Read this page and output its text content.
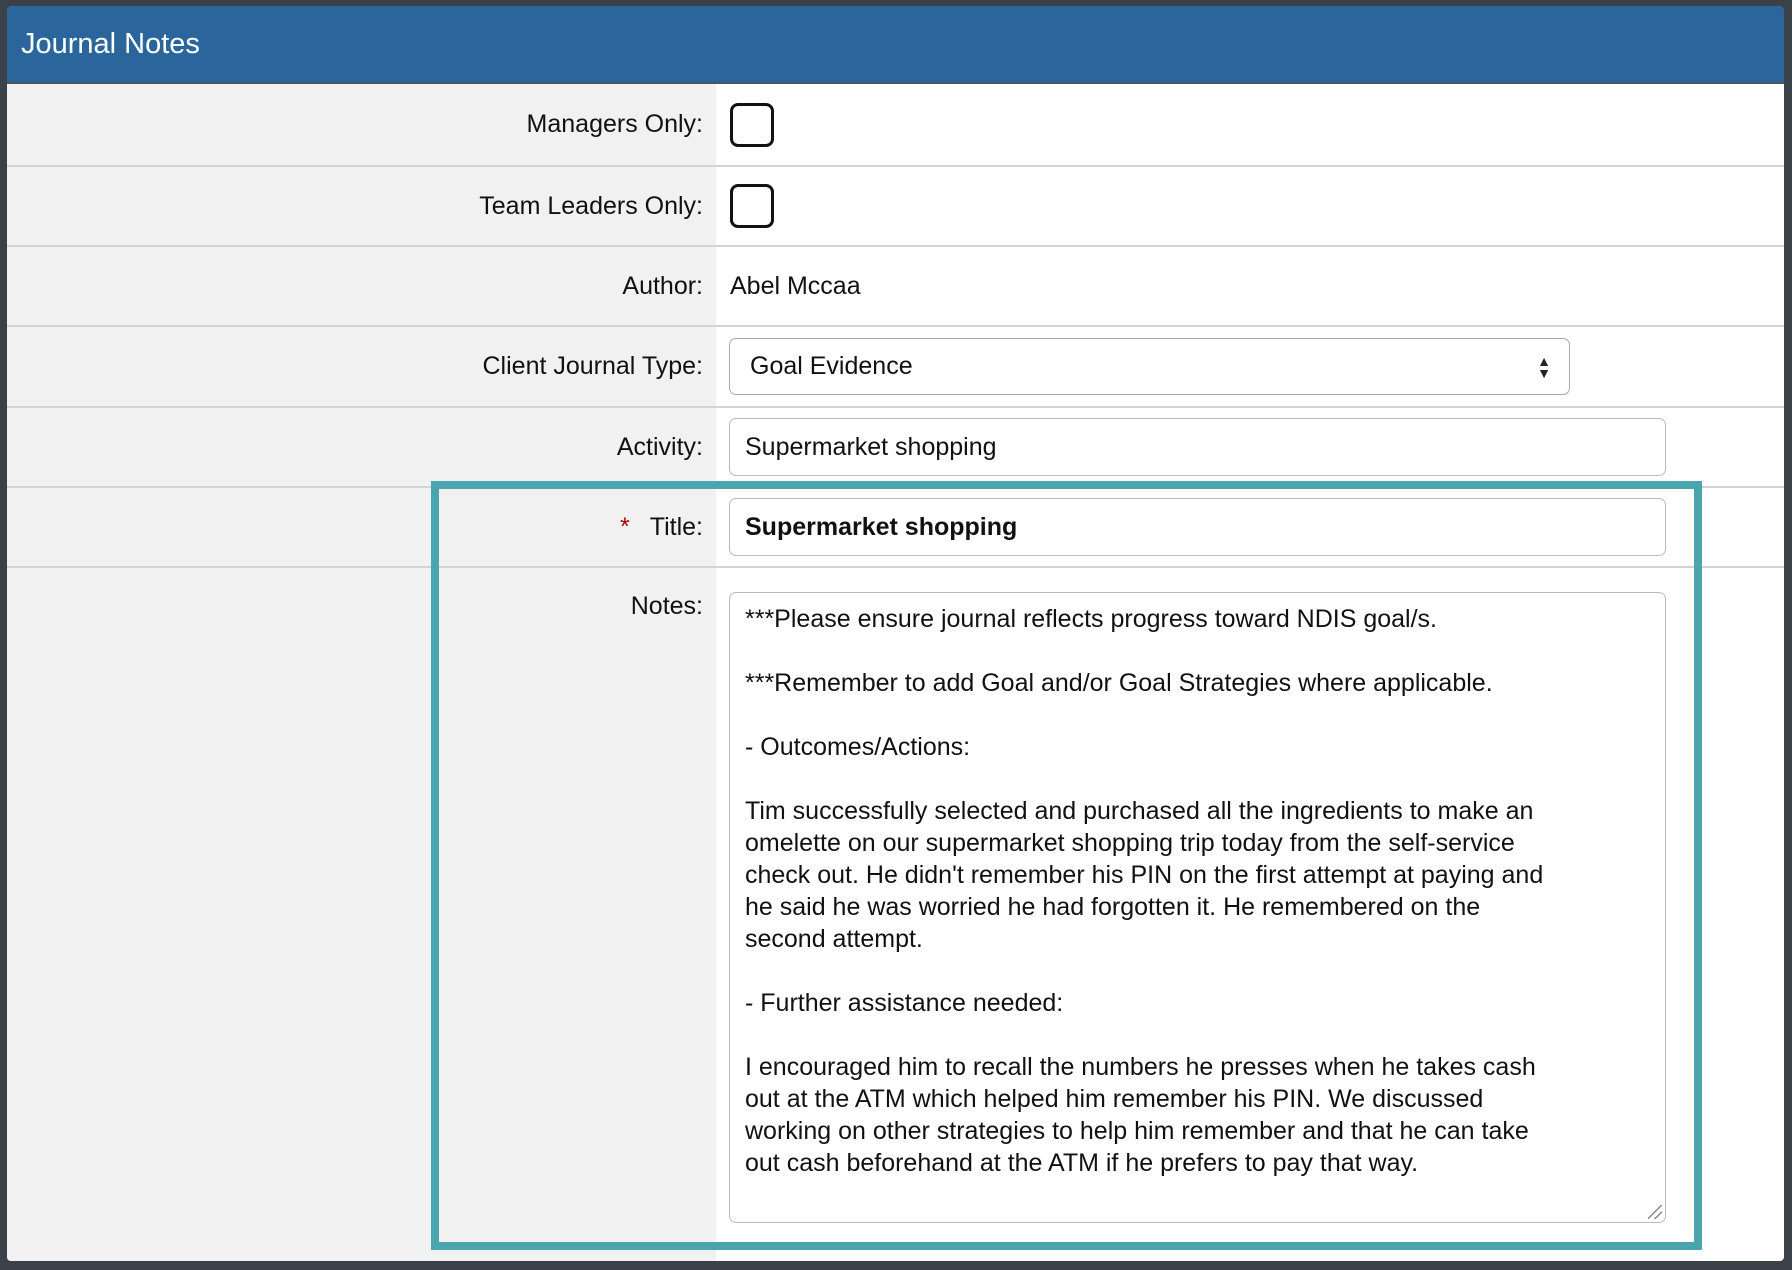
Journal Notes
Managers Only:
Team Leaders Only:
Author:	Abel Mccaa
Client Journal Type:	Goal Evidence	▲
▼
Activity:	Supermarket shopping
* Title:	Supermarket shopping
Notes:	***Please ensure journal reflects progress toward NDIS goal/s.

***Remember to add Goal and/or Goal Strategies where applicable.

- Outcomes/Actions:

Tim successfully selected and purchased all the ingredients to make an
omelette on our supermarket shopping trip today from the self-service
check out. He didn't remember his PIN on the first attempt at paying and
he said he was worried he had forgotten it. He remembered on the
second attempt.

- Further assistance needed:

I encouraged him to recall the numbers he presses when he takes cash
out at the ATM which helped him remember his PIN. We discussed
working on other strategies to help him remember and that he can take
out cash beforehand at the ATM if he prefers to pay that way.
